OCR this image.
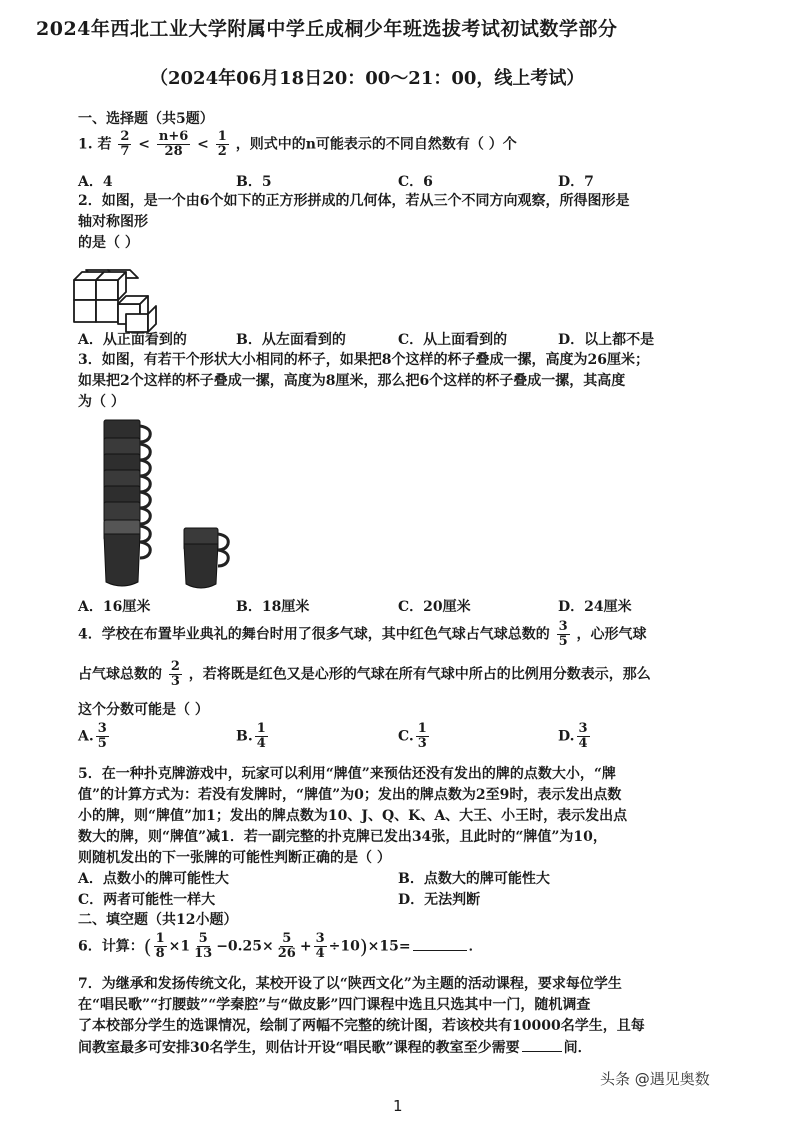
2024年西北工业大学附属中学丘成桐少年班选拔考试初试数学部分
（2024年06月18日20：00～21：00，线上考试）
一、选择题（共5题）
1. 若 $\frac{2}{7} < \frac{n+6}{28} < \frac{1}{2}$ ，则式中的n可能表示的不同自然数有（ ）个
A．4	B．5	C．6	D．7
2．如图，是一个由6个如下的正方形拼成的几何体，若从三个不同方向观察，所得图形是
轴对称图形
的是（ ）
A．从正面看到的	B．从左面看到的	C．从上面看到的	D．以上都不是
3．如图，有若干个形状大小相同的杯子，如果把8个这样的杯子叠成一摞，高度为26厘米；
如果把2个这样的杯子叠成一摞，高度为8厘米，那么把6个这样的杯子叠成一摞，其高度
为（ ）
A．16厘米	B．18厘米	C．20厘米	D．24厘米
4．学校在布置毕业典礼的舞台时用了很多气球，其中红色气球占气球总数的 $\frac{3}{5}$ ，心形气球
占气球总数的 $\frac{2}{3}$ ，若将既是红色又是心形的气球在所有气球中所占的比例用分数表示，那么
这个分数可能是（ ）
A. $\frac{3}{5}$	B. $\frac{1}{4}$	C. $\frac{1}{3}$	D. $\frac{3}{4}$
5．在一种扑克牌游戏中，玩家可以利用“牌值”来预估还没有发出的牌的点数大小，“牌
值”的计算方式为：若没有发牌时，“牌值”为0；发出的牌点数为2至9时，表示发出点数
小的牌，则“牌值”加1；发出的牌点数为10、J、Q、K、A、大王、小王时，表示发出点
数大的牌，则“牌值”减1．若一副完整的扑克牌已发出34张，且此时的“牌值”为10，
则随机发出的下一张牌的可能性判断正确的是（ ）
A．点数小的牌可能性大	B．点数大的牌可能性大
C．两者可能性一样大	D．无法判断
二、填空题（共12小题）
6．计算：( $\frac{1}{8} \times 1 \frac{5}{13} -0.25\times \frac{5}{26} + \frac{3}{4} \div 10)\times 15=$	．
7．为继承和发扬传统文化，某校开设了以“陕西文化”为主题的活动课程，要求每位学生
在“唱民歌”“打腰鼓”“学秦腔”与“做皮影”四门课程中选且只选其中一门，随机调查
了本校部分学生的选课情况，绘制了两幅不完整的统计图，若该校共有10000名学生，且每
间教室最多可安排30名学生，则估计开设“唱民歌”课程的教室至少需要	间．
头条 @遇见奥数
1
